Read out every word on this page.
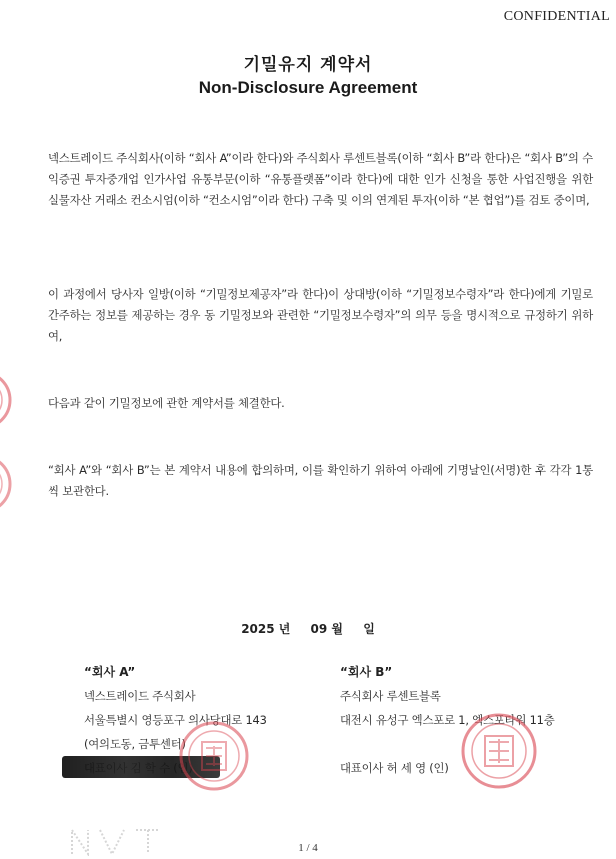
CONFIDENTIAL
기밀유지 계약서
Non-Disclosure Agreement
넥스트레이드 주식회사(이하 “회사 A”이라 한다)와 주식회사 루센트블록(이하 “회사 B”라 한다)은 “회사 B”의 수익증권 투자중개업 인가사업 유통부문(이하 “유통플랫폼”이라 한다)에 대한 인가 신청을 통한 사업진행을 위한 실물자산 거래소 컨소시엄(이하 “컨소시엄”이라 한다) 구축 및 이의 연계된 투자(이하 “본 협업”)를 검토 중이며,
이 과정에서 당사자 일방(이하 “기밀정보제공자”라 한다)이 상대방(이하 “기밀정보수령자”라 한다)에게 기밀로 간주하는 정보를 제공하는 경우 동 기밀정보와 관련한 “기밀정보수령자”의 의무 등을 명시적으로 규정하기 위하여,
다음과 같이 기밀정보에 관한 계약서를 체결한다.
“회사 A”와 “회사 B”는 본 계약서 내용에 합의하며, 이를 확인하기 위하여 아래에 기명날인(서명)한 후 각각 1통씩 보관한다.
2025 년 09 월 일
“회사 A”
넥스트레이드 주식회사
서울특별시 영등포구 의사당대로 143
(여의도동, 금투센터)
“회사 B”
주식회사 루센트블록
대전시 유성구 엑스포로 1, 엑스포타워 11층
대표이사 허 세 영 (인)
1 / 4
